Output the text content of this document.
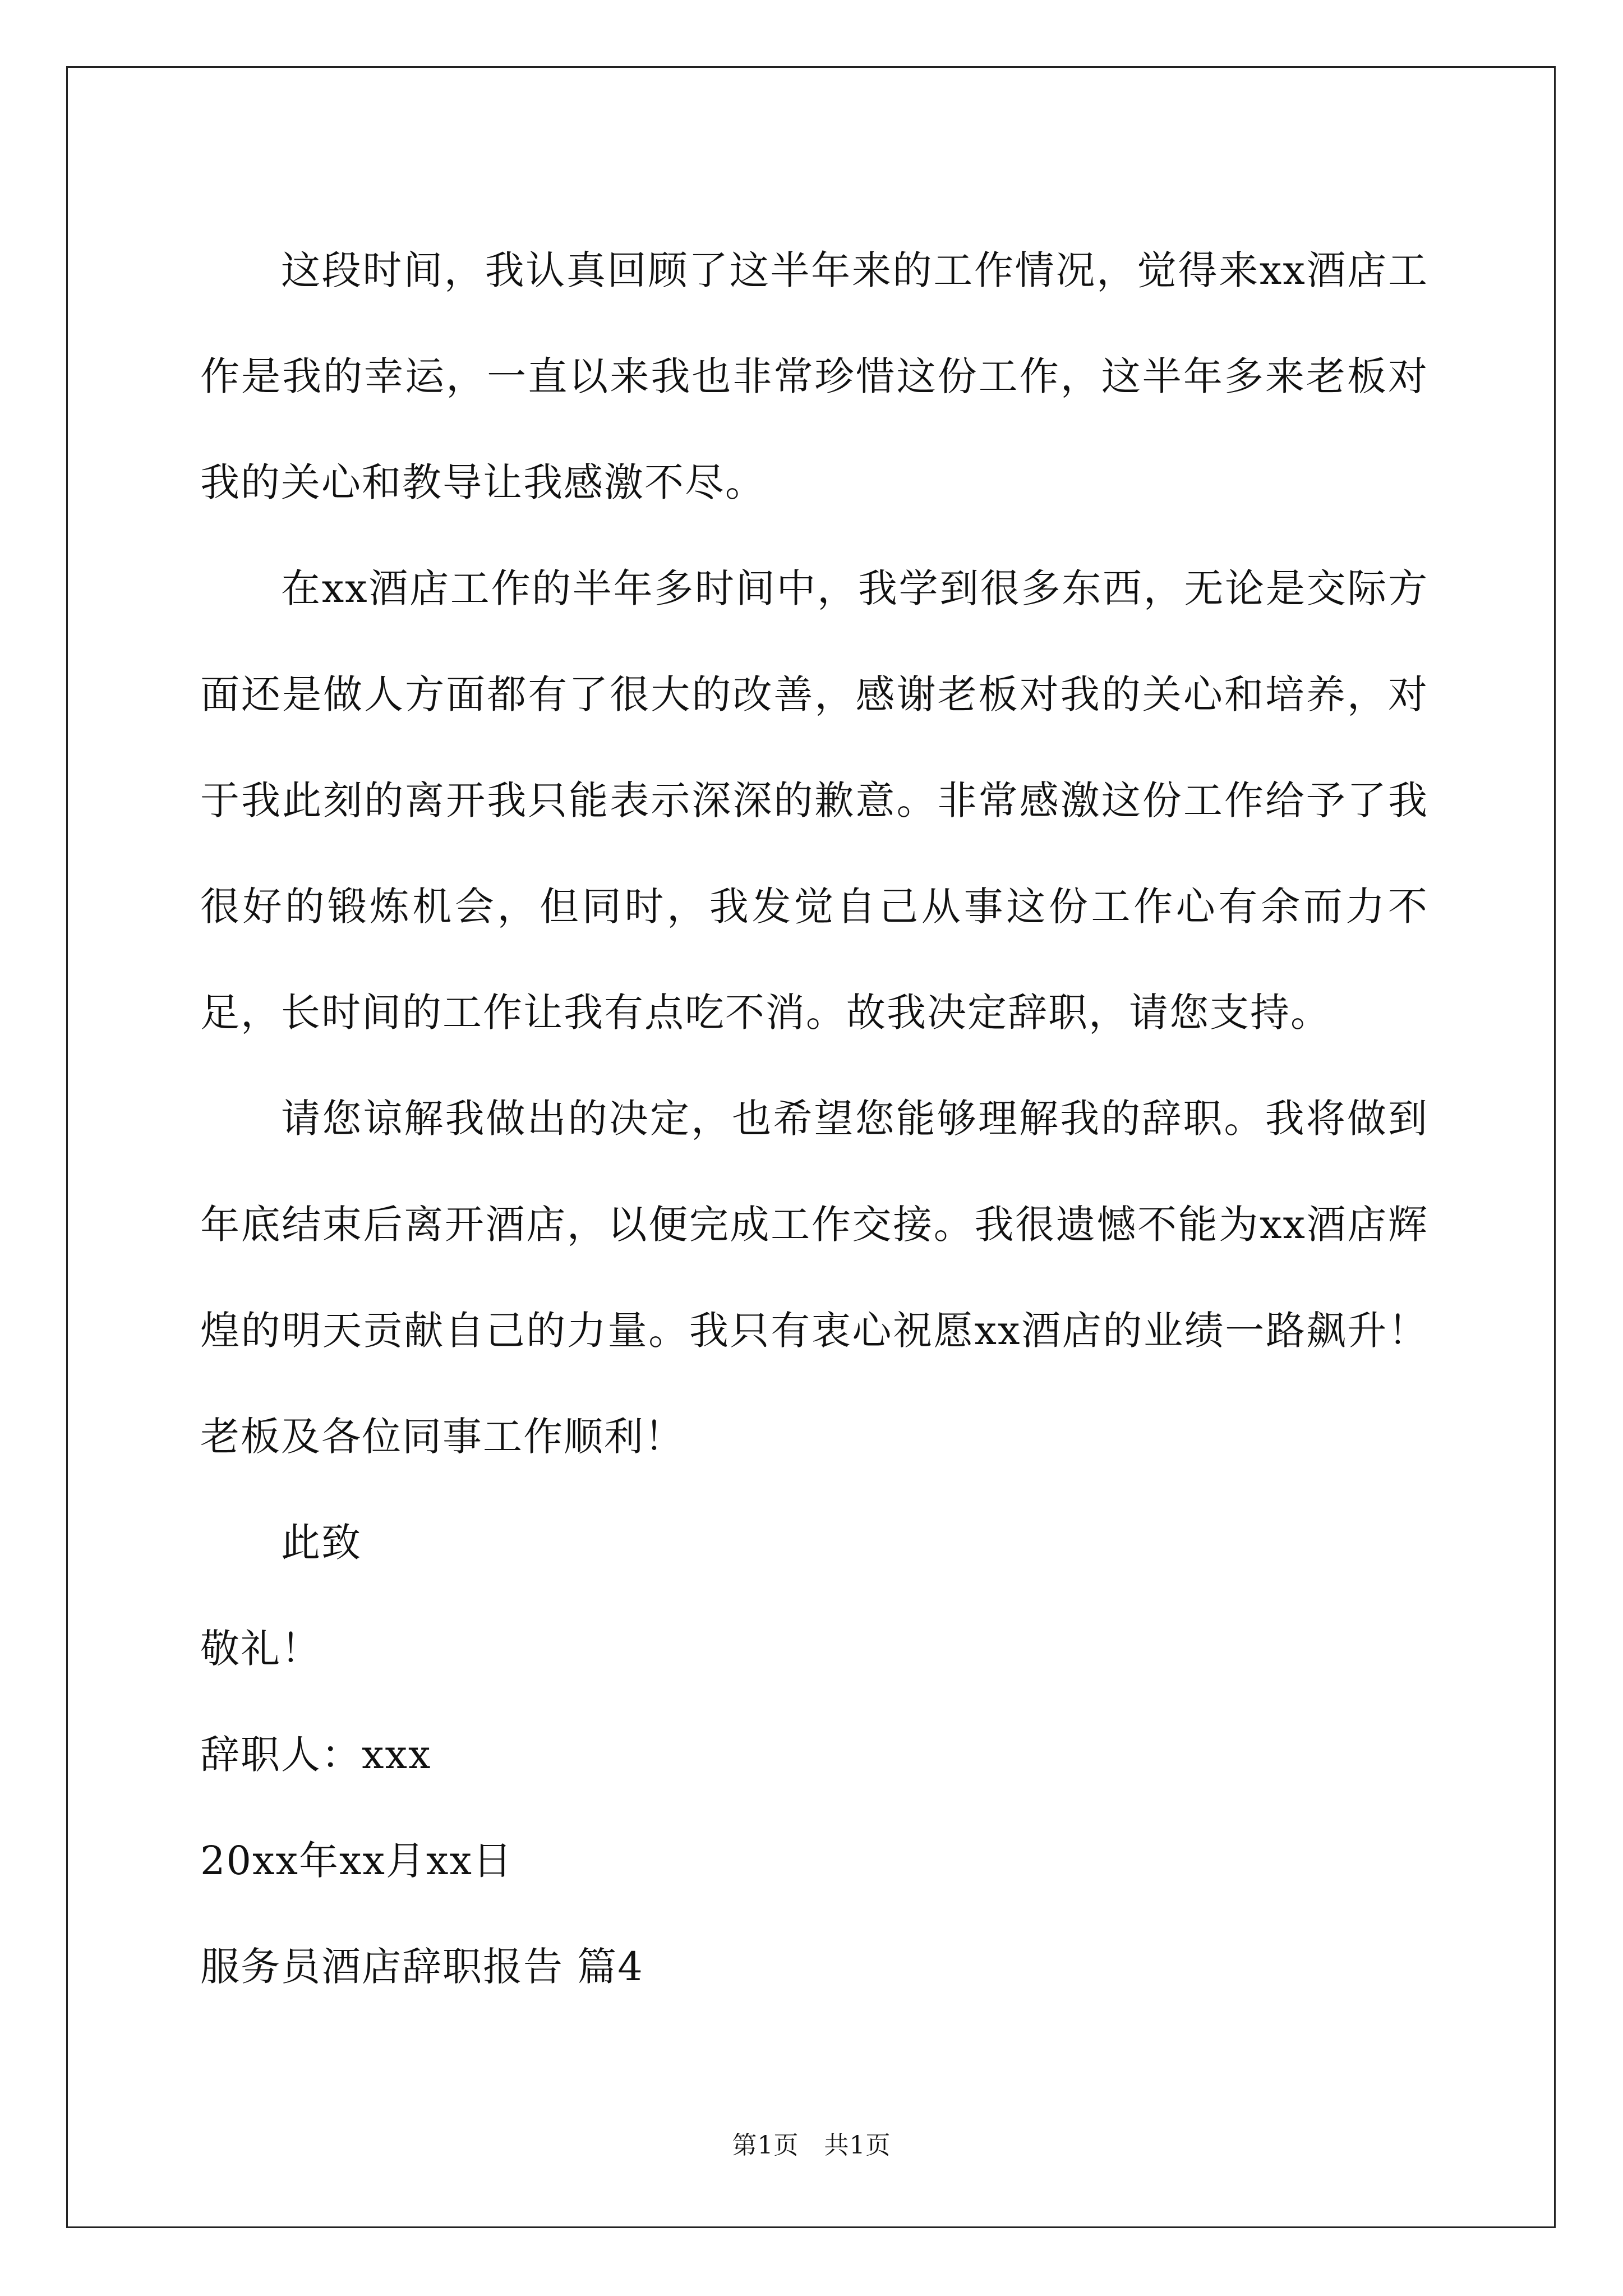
这段时间，我认真回顾了这半年来的工作情况，觉得来xx酒店工作是我的幸运，一直以来我也非常珍惜这份工作，这半年多来老板对我的关心和教导让我感激不尽。

在xx酒店工作的半年多时间中，我学到很多东西，无论是交际方面还是做人方面都有了很大的改善，感谢老板对我的关心和培养，对于我此刻的离开我只能表示深深的歉意。非常感激这份工作给予了我很好的锻炼机会，但同时，我发觉自己从事这份工作心有余而力不足，长时间的工作让我有点吃不消。故我决定辞职，请您支持。

请您谅解我做出的决定，也希望您能够理解我的辞职。我将做到年底结束后离开酒店，以便完成工作交接。我很遗憾不能为xx酒店辉煌的明天贡献自己的力量。我只有衷心祝愿xx酒店的业绩一路飙升！老板及各位同事工作顺利！

此致

敬礼！

辞职人：xxx

20xx年xx月xx日

服务员酒店辞职报告 篇4

第1页　共1页
